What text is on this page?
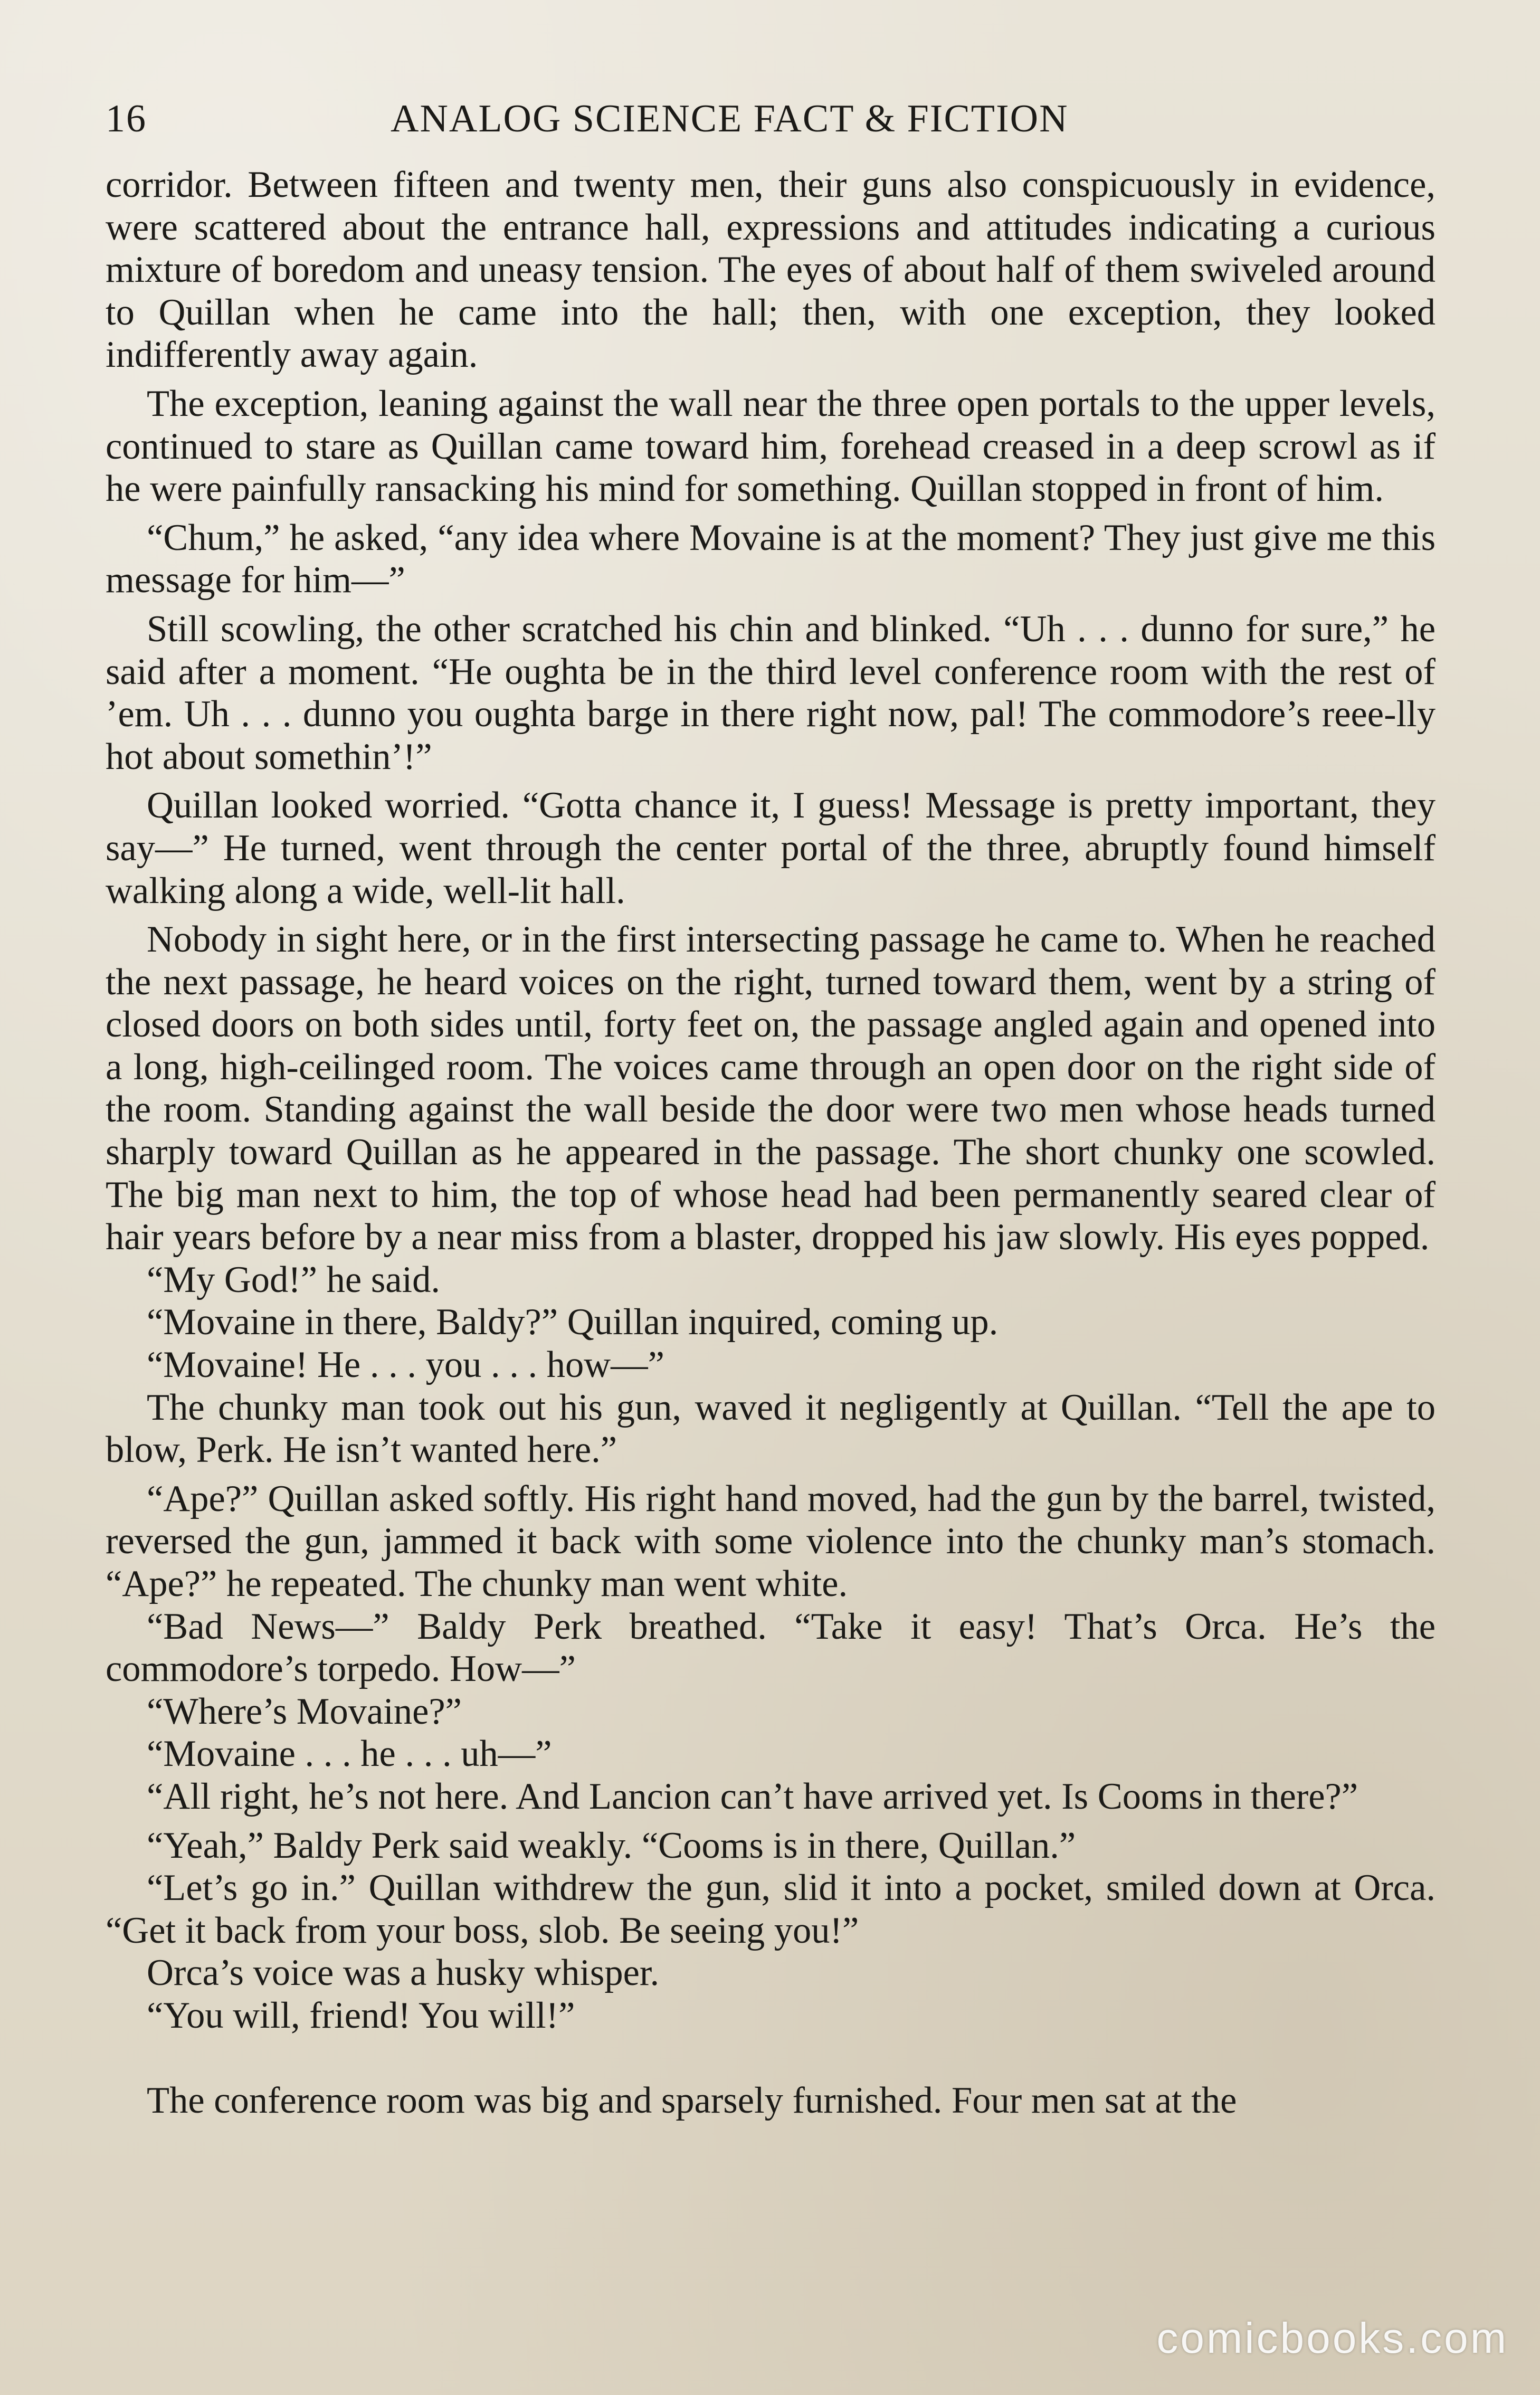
16	ANALOG SCIENCE FACT & FICTION

corridor. Between fifteen and twenty men, their guns also conspicuously in evidence, were scattered about the entrance hall, expressions and attitudes indicating a curious mixture of boredom and uneasy tension. The eyes of about half of them swiveled around to Quillan when he came into the hall; then, with one exception, they looked indifferently away again.

The exception, leaning against the wall near the three open portals to the upper levels, continued to stare as Quillan came toward him, forehead creased in a deep scrowl as if he were painfully ransacking his mind for something. Quillan stopped in front of him.

“Chum,” he asked, “any idea where Movaine is at the moment? They just give me this message for him—”

Still scowling, the other scratched his chin and blinked. “Uh . . . dunno for sure,” he said after a moment. “He oughta be in the third level conference room with the rest of ’em. Uh . . . dunno you oughta barge in there right now, pal! The commodore’s reee-lly hot about somethin’!”

Quillan looked worried. “Gotta chance it, I guess! Message is pretty important, they say—” He turned, went through the center portal of the three, abruptly found himself walking along a wide, well-lit hall.

Nobody in sight here, or in the first intersecting passage he came to. When he reached the next passage, he heard voices on the right, turned toward them, went by a string of closed doors on both sides until, forty feet on, the passage angled again and opened into a long, high-ceilinged room. The voices came through an open door on the right side of the room. Standing against the wall beside the door were two men whose heads turned sharply toward Quillan as he appeared in the passage. The short chunky one scowled. The big man next to him, the top of whose head had been permanently seared clear of hair years before by a near miss from a blaster, dropped his jaw slowly. His eyes popped.

“My God!” he said.

“Movaine in there, Baldy?” Quillan inquired, coming up.

“Movaine! He . . . you . . . how—”

The chunky man took out his gun, waved it negligently at Quillan. “Tell the ape to blow, Perk. He isn’t wanted here.”

“Ape?” Quillan asked softly. His right hand moved, had the gun by the barrel, twisted, reversed the gun, jammed it back with some violence into the chunky man’s stomach. “Ape?” he repeated. The chunky man went white.

“Bad News—” Baldy Perk breathed. “Take it easy! That’s Orca. He’s the commodore’s torpedo. How—”

“Where’s Movaine?”

“Movaine . . . he . . . uh—”

“All right, he’s not here. And Lancion can’t have arrived yet. Is Cooms in there?”

“Yeah,” Baldy Perk said weakly. “Cooms is in there, Quillan.”

“Let’s go in.” Quillan withdrew the gun, slid it into a pocket, smiled down at Orca. “Get it back from your boss, slob. Be seeing you!”

Orca’s voice was a husky whisper.

“You will, friend! You will!”

The conference room was big and sparsely furnished. Four men sat at the

comicbooks.com
